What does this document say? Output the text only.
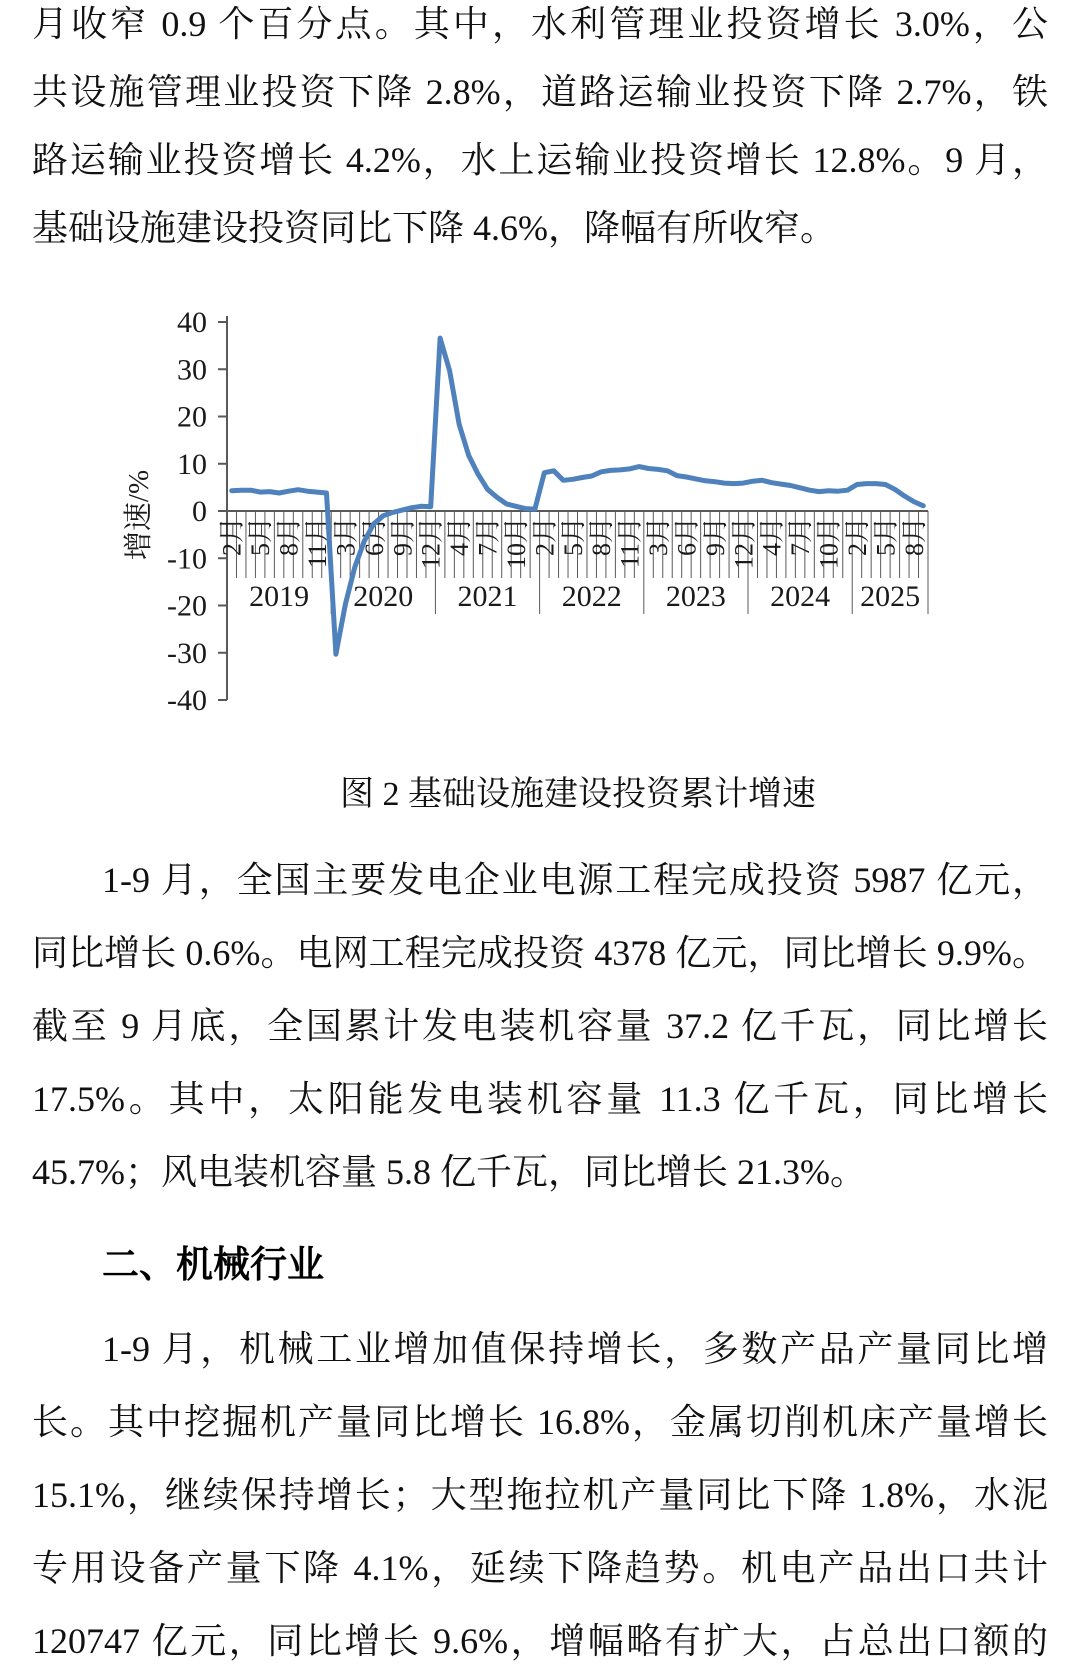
月收窄 0.9 个百分点。其中，水利管理业投资增长 3.0%，公
共设施管理业投资下降 2.8%，道路运输业投资下降 2.7%，铁
路运输业投资增长 4.2%，水上运输业投资增长 12.8%。9 月，
基础设施建设投资同比下降 4.6%，降幅有所收窄。

40
30
20
10
0
-10
-20
-30
-40
2月 5月 8月 11月 3月 6月 9月 12月 4月 7月 10月 2月 5月 8月 11月 3月 6月 9月 12月 4月 7月 10月 2月 5月 8月
2019 2020 2021 2022 2023 2024 2025
增速/%
图 2 基础设施建设投资累计增速

1-9 月，全国主要发电企业电源工程完成投资 5987 亿元，
同比增长 0.6%。电网工程完成投资 4378 亿元，同比增长 9.9%。
截至 9 月底，全国累计发电装机容量 37.2 亿千瓦，同比增长
17.5%。其中，太阳能发电装机容量 11.3 亿千瓦，同比增长
45.7%；风电装机容量 5.8 亿千瓦，同比增长 21.3%。

二、机械行业

1-9 月，机械工业增加值保持增长，多数产品产量同比增
长。其中挖掘机产量同比增长 16.8%，金属切削机床产量增长
15.1%，继续保持增长；大型拖拉机产量同比下降 1.8%，水泥
专用设备产量下降 4.1%，延续下降趋势。机电产品出口共计
120747 亿元，同比增长 9.6%，增幅略有扩大，占总出口额的
